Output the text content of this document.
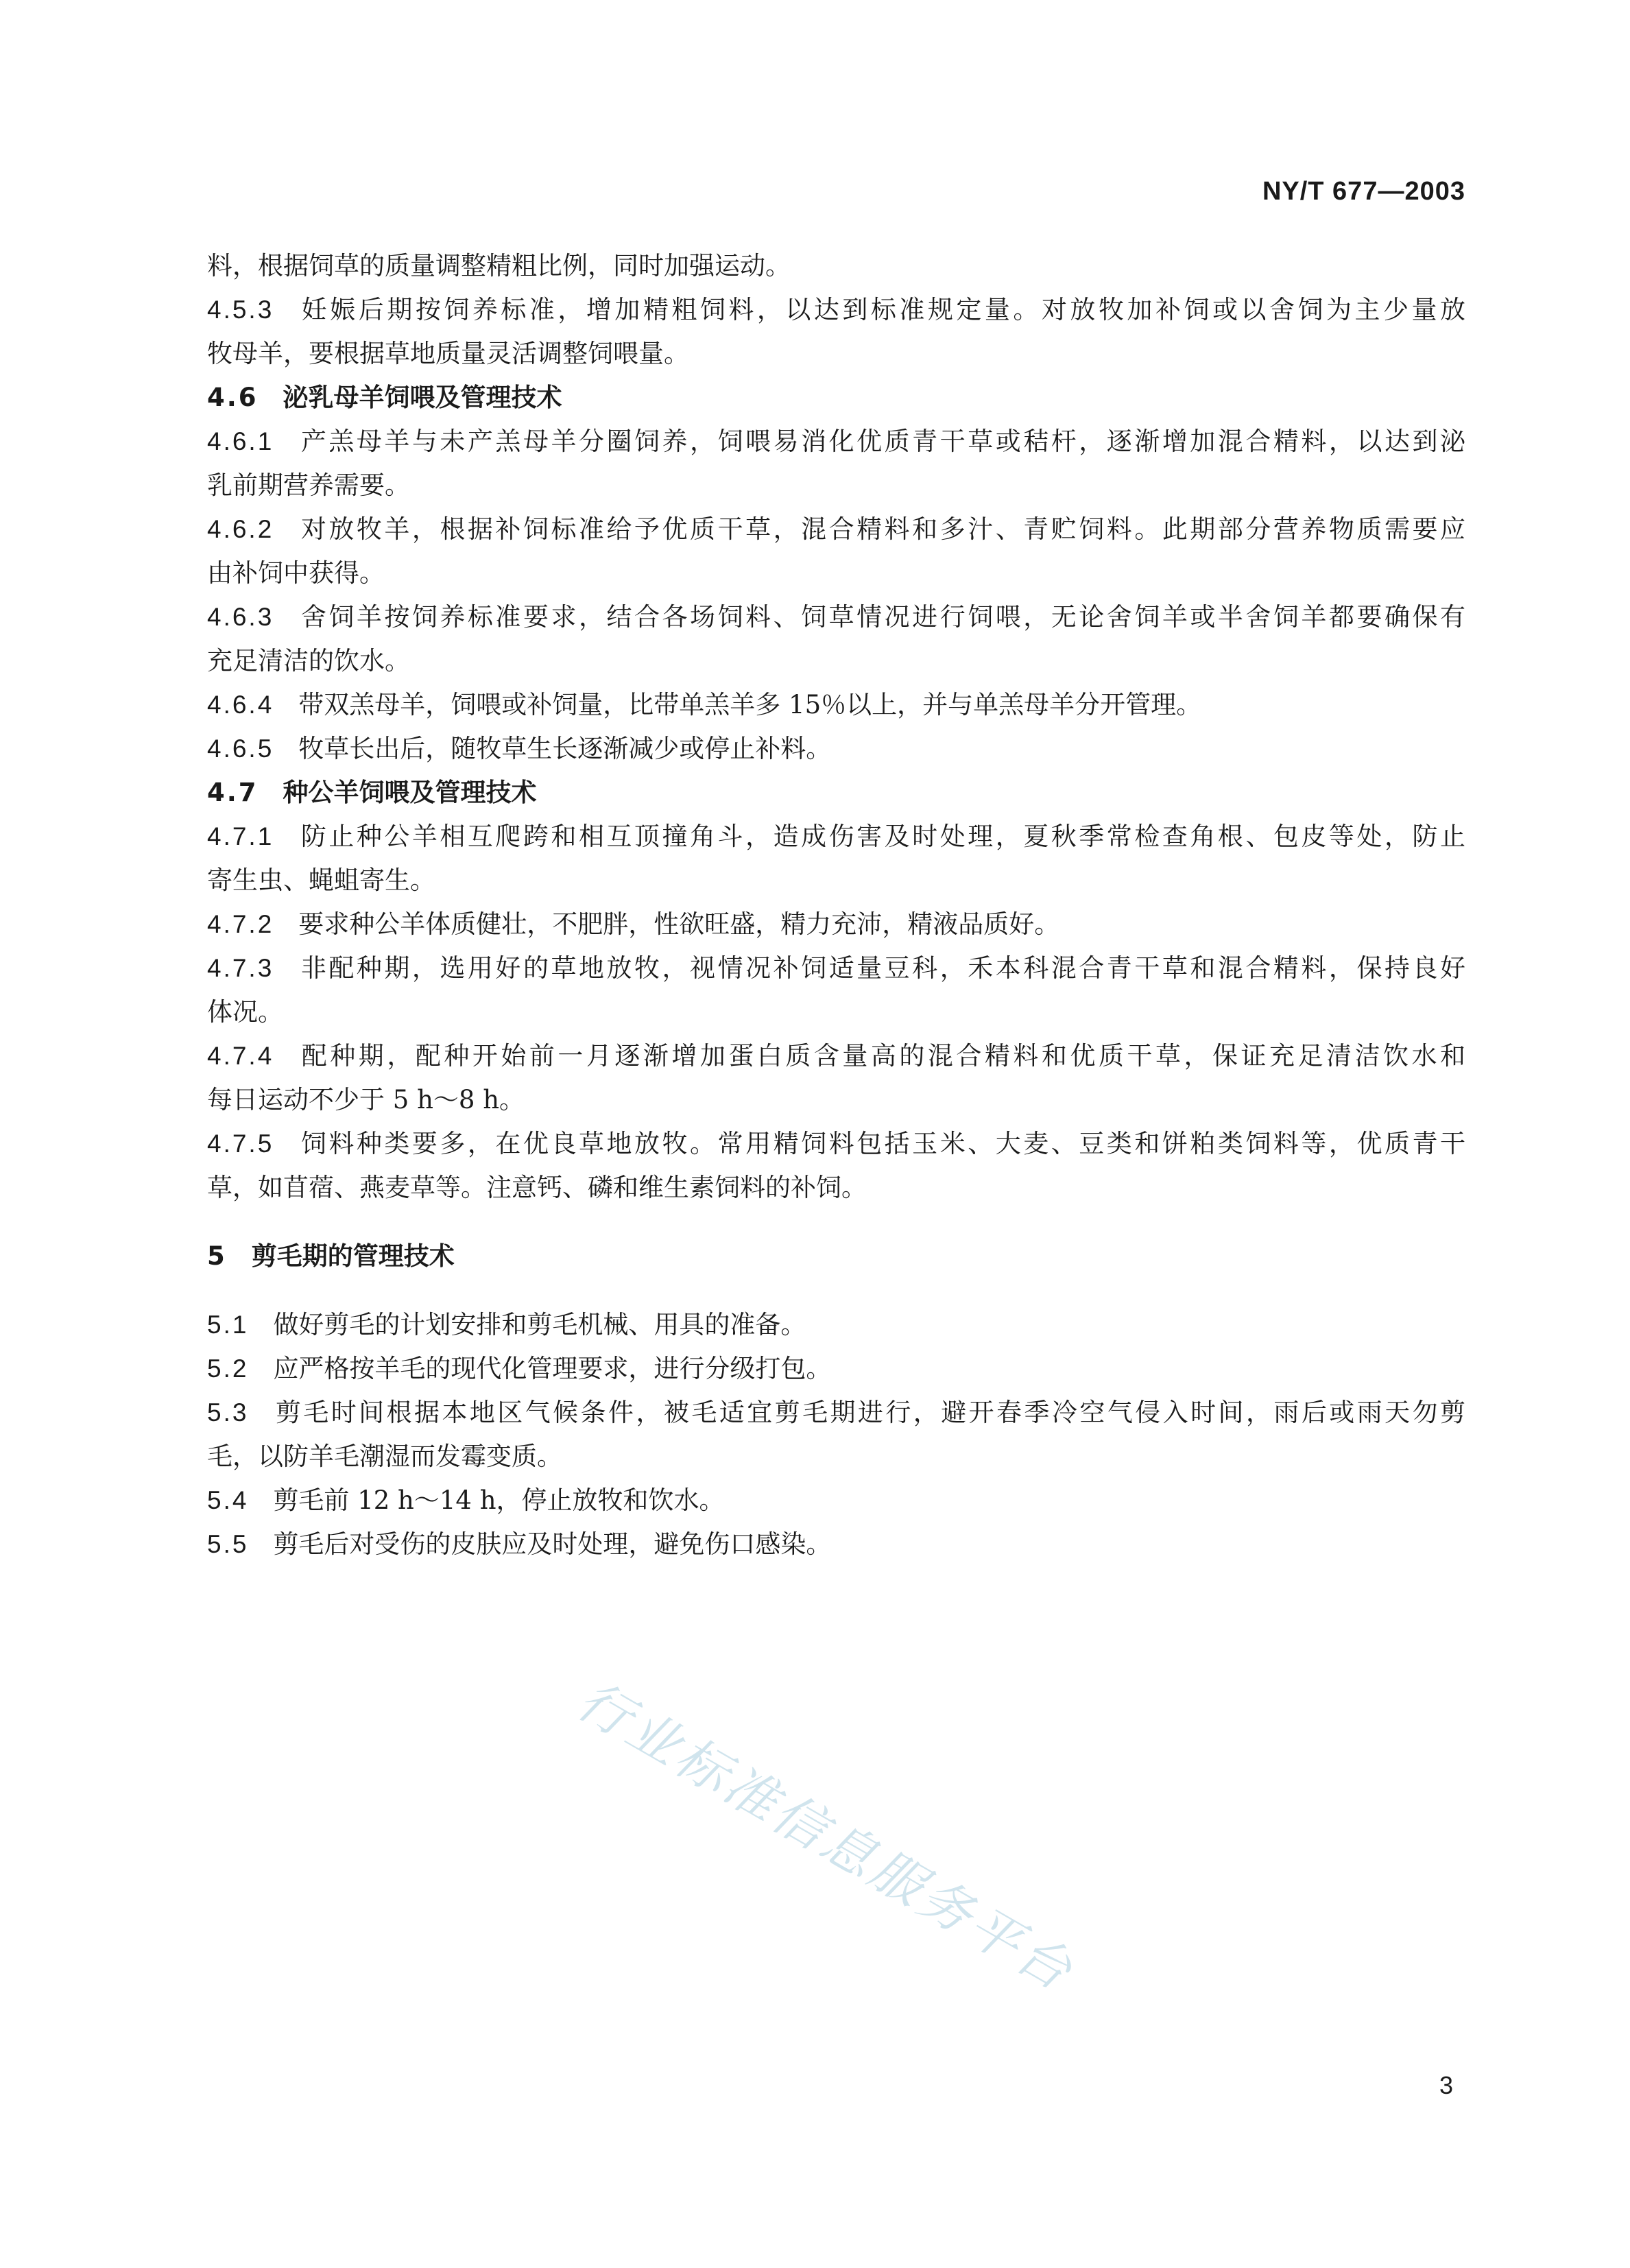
NY/T 677—2003

料，根据饲草的质量调整精粗比例，同时加强运动。

4.5.3 妊娠后期按饲养标准，增加精粗饲料，以达到标准规定量。对放牧加补饲或以舍饲为主少量放

牧母羊，要根据草地质量灵活调整饲喂量。

4.6 泌乳母羊饲喂及管理技术

4.6.1 产羔母羊与未产羔母羊分圈饲养，饲喂易消化优质青干草或秸杆，逐渐增加混合精料，以达到泌

乳前期营养需要。

4.6.2 对放牧羊，根据补饲标准给予优质干草，混合精料和多汁、青贮饲料。此期部分营养物质需要应

由补饲中获得。

4.6.3 舍饲羊按饲养标准要求，结合各场饲料、饲草情况进行饲喂，无论舍饲羊或半舍饲羊都要确保有

充足清洁的饮水。

4.6.4 带双羔母羊，饲喂或补饲量，比带单羔羊多 15％以上，并与单羔母羊分开管理。

4.6.5 牧草长出后，随牧草生长逐渐减少或停止补料。

4.7 种公羊饲喂及管理技术

4.7.1 防止种公羊相互爬跨和相互顶撞角斗，造成伤害及时处理，夏秋季常检查角根、包皮等处，防止

寄生虫、蝇蛆寄生。

4.7.2 要求种公羊体质健壮，不肥胖，性欲旺盛，精力充沛，精液品质好。

4.7.3 非配种期，选用好的草地放牧，视情况补饲适量豆科，禾本科混合青干草和混合精料，保持良好

体况。

4.7.4 配种期，配种开始前一月逐渐增加蛋白质含量高的混合精料和优质干草，保证充足清洁饮水和

每日运动不少于 5 h～8 h。

4.7.5 饲料种类要多，在优良草地放牧。常用精饲料包括玉米、大麦、豆类和饼粕类饲料等，优质青干

草，如苜蓿、燕麦草等。注意钙、磷和维生素饲料的补饲。

5 剪毛期的管理技术

5.1 做好剪毛的计划安排和剪毛机械、用具的准备。

5.2 应严格按羊毛的现代化管理要求，进行分级打包。

5.3 剪毛时间根据本地区气候条件，被毛适宜剪毛期进行，避开春季冷空气侵入时间，雨后或雨天勿剪

毛，以防羊毛潮湿而发霉变质。

5.4 剪毛前 12 h～14 h，停止放牧和饮水。

5.5 剪毛后对受伤的皮肤应及时处理，避免伤口感染。

行业标准信息服务平台
3
